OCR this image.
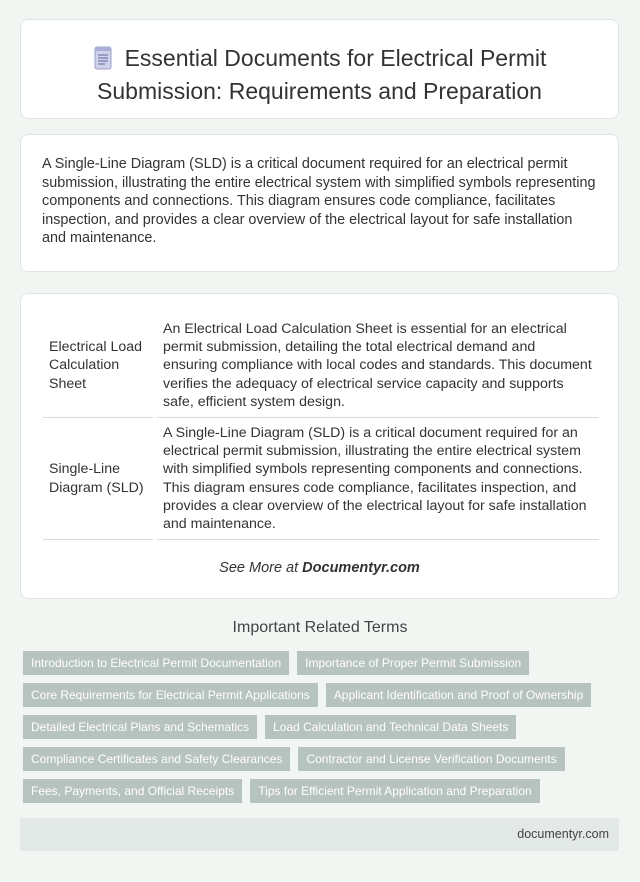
Essential Documents for Electrical Permit
Submission: Requirements and Preparation
A Single-Line Diagram (SLD) is a critical document required for an electrical permit submission, illustrating the entire electrical system with simplified symbols representing components and connections. This diagram ensures code compliance, facilitates inspection, and provides a clear overview of the electrical layout for safe installation and maintenance.
Electrical Load Calculation Sheet	An Electrical Load Calculation Sheet is essential for an electrical permit submission, detailing the total electrical demand and ensuring compliance with local codes and standards. This document verifies the adequacy of electrical service capacity and supports safe, efficient system design.
Single-Line Diagram (SLD)	A Single-Line Diagram (SLD) is a critical document required for an electrical permit submission, illustrating the entire electrical system with simplified symbols representing components and connections. This diagram ensures code compliance, facilitates inspection, and provides a clear overview of the electrical layout for safe installation and maintenance.
See More at Documentyr.com
Important Related Terms
Introduction to Electrical Permit Documentation	Importance of Proper Permit Submission
Core Requirements for Electrical Permit Applications	Applicant Identification and Proof of Ownership
Detailed Electrical Plans and Schematics	Load Calculation and Technical Data Sheets
Compliance Certificates and Safety Clearances	Contractor and License Verification Documents
Fees, Payments, and Official Receipts	Tips for Efficient Permit Application and Preparation
documentyr.com
